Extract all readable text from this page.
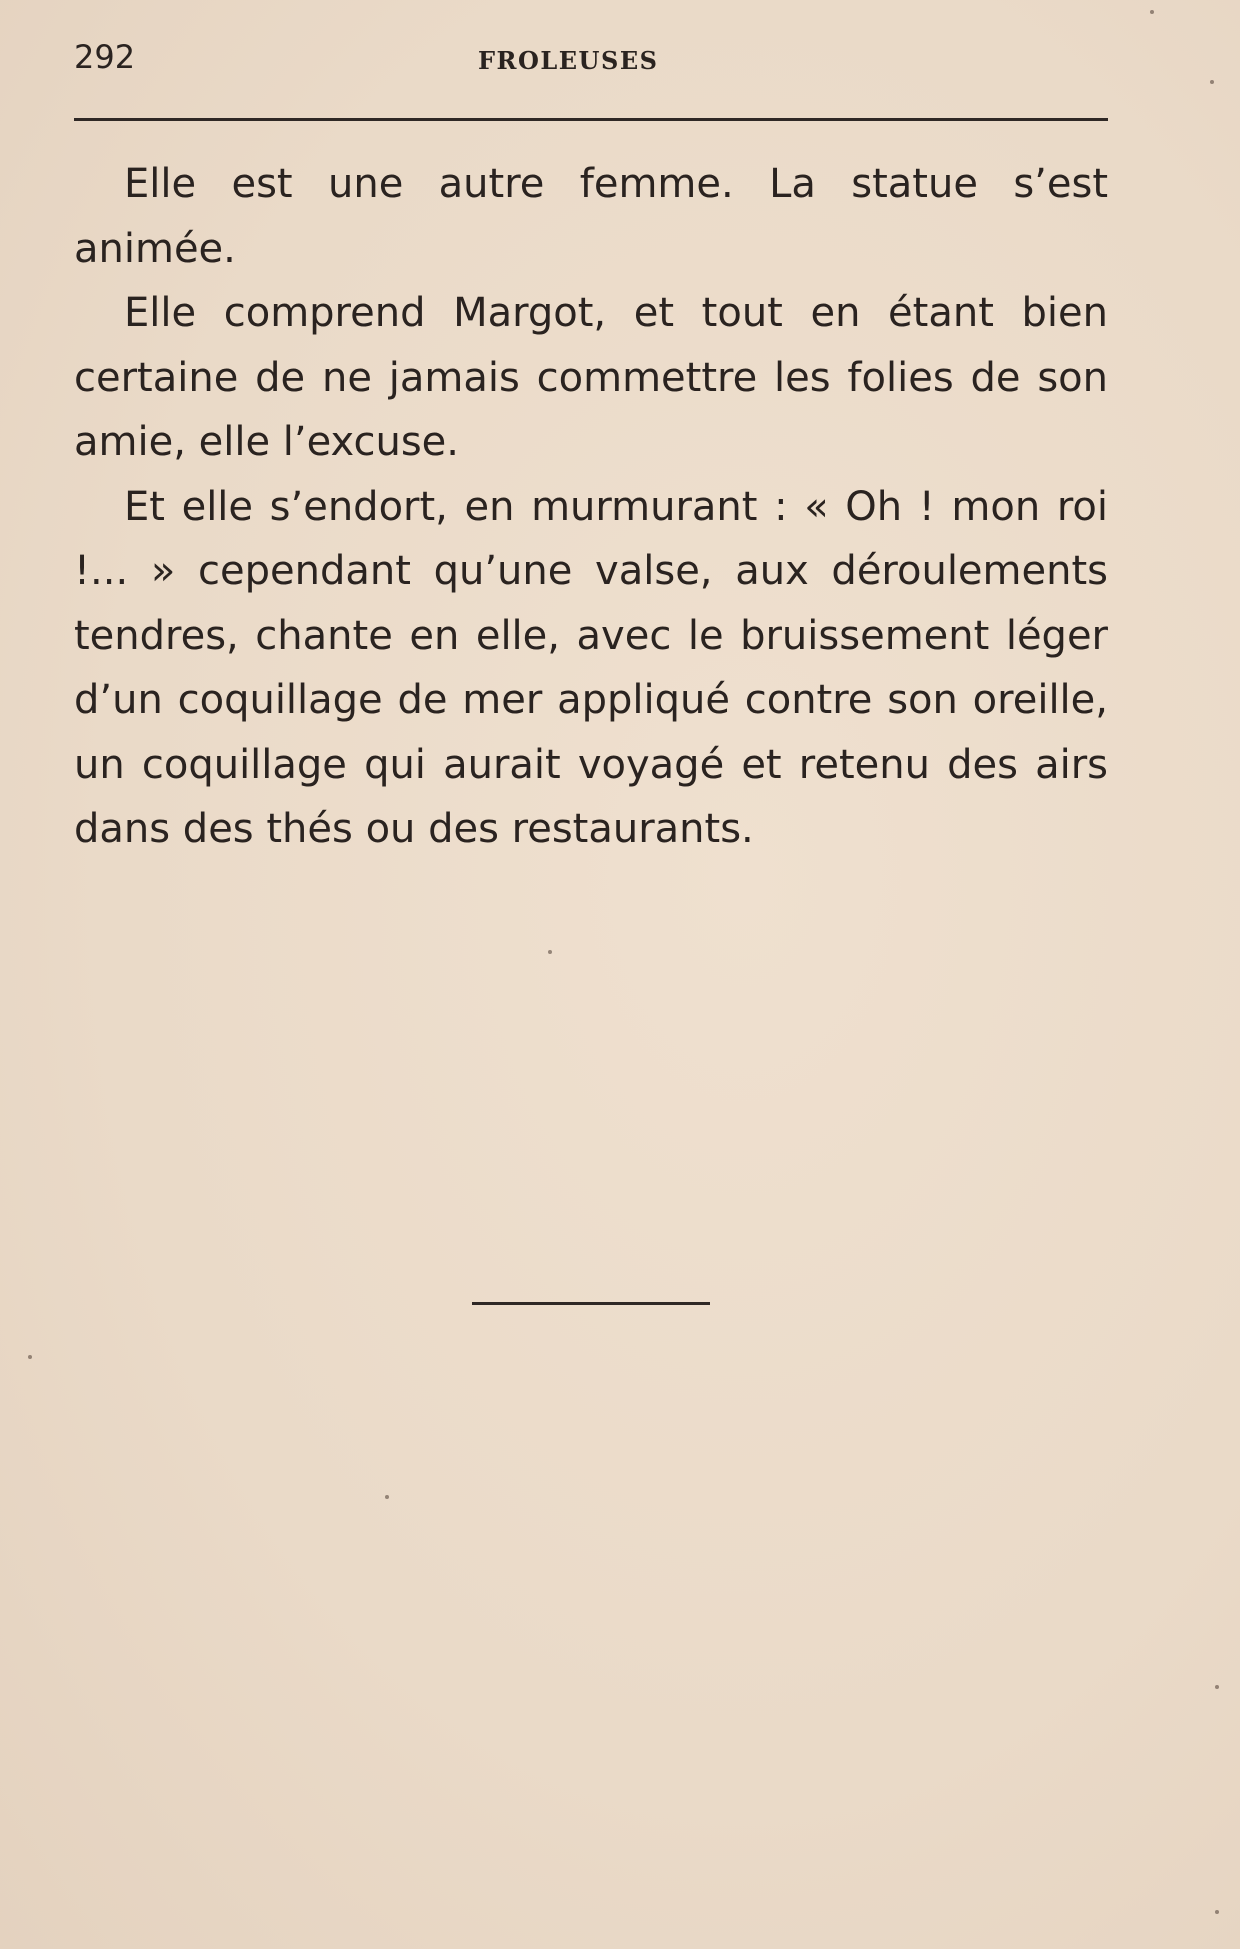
292	FROLEUSES

Elle est une autre femme. La statue s’est animée.

Elle comprend Margot, et tout en étant bien certaine de ne jamais commettre les folies de son amie, elle l’excuse.

Et elle s’endort, en murmurant : « Oh ! mon roi !... » cependant qu’une valse, aux déroulements tendres, chante en elle, avec le bruissement léger d’un coquillage de mer appliqué contre son oreille, un coquillage qui aurait voyagé et retenu des airs dans des thés ou des restaurants.
